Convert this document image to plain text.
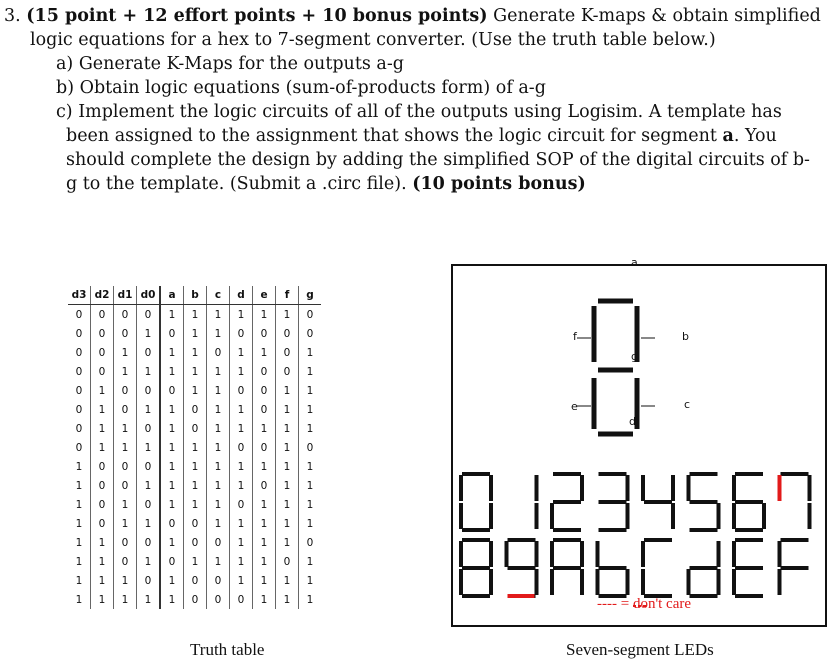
3. (15 point + 12 effort points + 10 bonus points) Generate K-maps & obtain simplified
logic equations for a hex to 7-segment converter. (Use the truth table below.)
a) Generate K-Maps for the outputs a-g
b) Obtain logic equations (sum-of-products form) of a-g
c) Implement the logic circuits of all of the outputs using Logisim. A template has
been assigned to the assignment that shows the logic circuit for segment a. You
should complete the design by adding the simplified SOP of the digital circuits of b-
g to the template. (Submit a .circ file). (10 points bonus)
d3	d2	d1	d0	a	b	c	d	e	f	g
0	0	0	0	1	1	1	1	1	1	0
0	0	0	1	0	1	1	0	0	0	0
0	0	1	0	1	1	0	1	1	0	1
0	0	1	1	1	1	1	1	0	0	1
0	1	0	0	0	1	1	0	0	1	1
0	1	0	1	1	0	1	1	0	1	1
0	1	1	0	1	0	1	1	1	1	1
0	1	1	1	1	1	1	0	0	1	0
1	0	0	0	1	1	1	1	1	1	1
1	0	0	1	1	1	1	1	0	1	1
1	0	1	0	1	1	1	0	1	1	1
1	0	1	1	0	0	1	1	1	1	1
1	1	0	0	1	0	0	1	1	1	0
1	1	0	1	0	1	1	1	1	0	1
1	1	1	0	1	0	0	1	1	1	1
1	1	1	1	1	0	0	0	1	1	1
Truth table
a
f	b
g
e	c
d
---- = don't care
Seven-segment LEDs
